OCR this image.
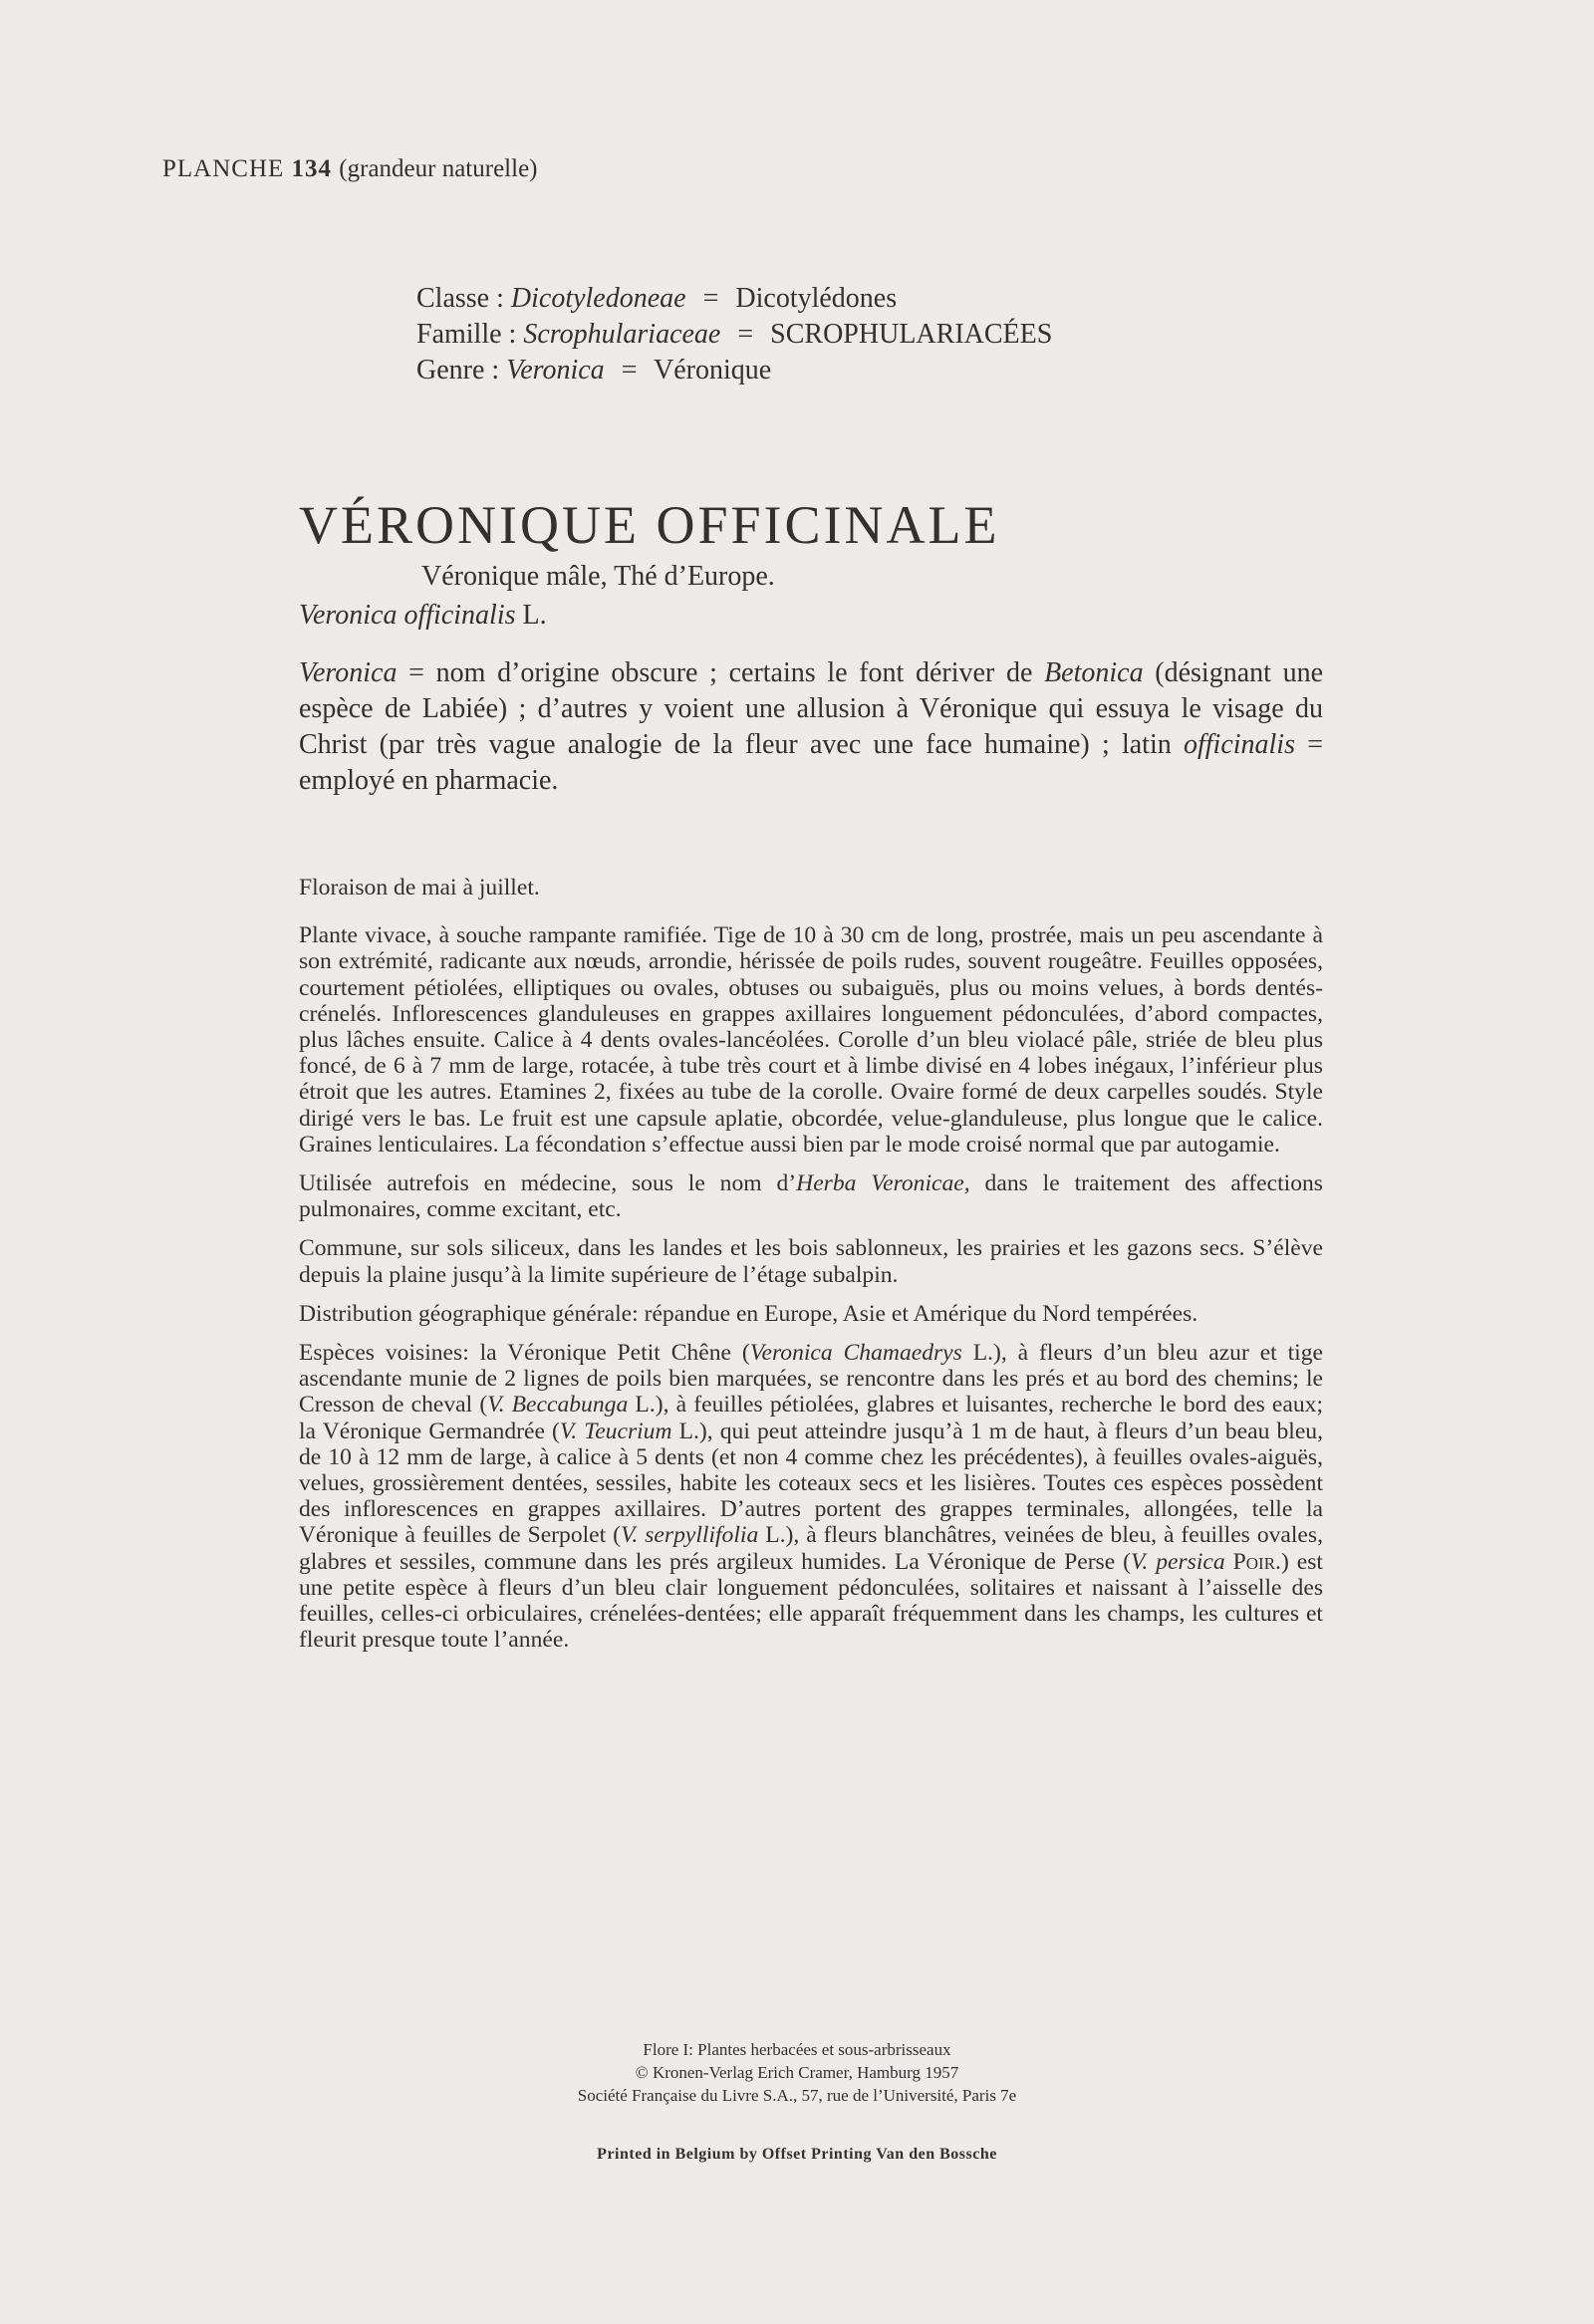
PLANCHE 134 (grandeur naturelle)
Classe : Dicotyledoneae = Dicotylédones
Famille : Scrophulariaceae = SCROPHULARIACÉES
Genre : Veronica = Véronique
VÉRONIQUE OFFICINALE
Véronique mâle, Thé d’Europe.
Veronica officinalis L.

Veronica = nom d’origine obscure ; certains le font dériver de Betonica (désignant une espèce de Labiée) ; d’autres y voient une allusion à Véronique qui essuya le visage du Christ (par très vague analogie de la fleur avec une face humaine) ; latin officinalis = employé en pharmacie.

Floraison de mai à juillet.

Plante vivace, à souche rampante ramifiée. Tige de 10 à 30 cm de long, prostrée, mais un peu ascendante à son extrémité, radicante aux nœuds, arrondie, hérissée de poils rudes, souvent rougeâtre. Feuilles opposées, courtement pétiolées, elliptiques ou ovales, obtuses ou subaiguës, plus ou moins velues, à bords dentés-crénelés. Inflorescences glanduleuses en grappes axillaires longuement pédonculées, d’abord compactes, plus lâches ensuite. Calice à 4 dents ovales-lancéolées. Corolle d’un bleu violacé pâle, striée de bleu plus foncé, de 6 à 7 mm de large, rotacée, à tube très court et à limbe divisé en 4 lobes inégaux, l’inférieur plus étroit que les autres. Etamines 2, fixées au tube de la corolle. Ovaire formé de deux carpelles soudés. Style dirigé vers le bas. Le fruit est une capsule aplatie, obcordée, velue-glanduleuse, plus longue que le calice. Graines lenticulaires. La fécondation s’effectue aussi bien par le mode croisé normal que par autogamie.

Utilisée autrefois en médecine, sous le nom d’Herba Veronicae, dans le traitement des affections pulmonaires, comme excitant, etc.

Commune, sur sols siliceux, dans les landes et les bois sablonneux, les prairies et les gazons secs. S’élève depuis la plaine jusqu’à la limite supérieure de l’étage subalpin.

Distribution géographique générale: répandue en Europe, Asie et Amérique du Nord tempérées.

Espèces voisines: la Véronique Petit Chêne (Veronica Chamaedrys L.), à fleurs d’un bleu azur et tige ascendante munie de 2 lignes de poils bien marquées, se rencontre dans les prés et au bord des chemins; le Cresson de cheval (V. Beccabunga L.), à feuilles pétiolées, glabres et luisantes, recherche le bord des eaux; la Véronique Germandrée (V. Teucrium L.), qui peut atteindre jusqu’à 1 m de haut, à fleurs d’un beau bleu, de 10 à 12 mm de large, à calice à 5 dents (et non 4 comme chez les précédentes), à feuilles ovales-aiguës, velues, grossièrement dentées, sessiles, habite les coteaux secs et les lisières. Toutes ces espèces possèdent des inflorescences en grappes axillaires. D’autres portent des grappes terminales, allongées, telle la Véronique à feuilles de Serpolet (V. serpyllifolia L.), à fleurs blanchâtres, veinées de bleu, à feuilles ovales, glabres et sessiles, commune dans les prés argileux humides. La Véronique de Perse (V. persica Poir.) est une petite espèce à fleurs d’un bleu clair longuement pédonculées, solitaires et naissant à l’aisselle des feuilles, celles-ci orbiculaires, crénelées-dentées; elle apparaît fréquemment dans les champs, les cultures et fleurit presque toute l’année.

Flore I: Plantes herbacées et sous-arbrisseaux
© Kronen-Verlag Erich Cramer, Hamburg 1957
Société Française du Livre S.A., 57, rue de l’Université, Paris 7e
Printed in Belgium by Offset Printing Van den Bossche
